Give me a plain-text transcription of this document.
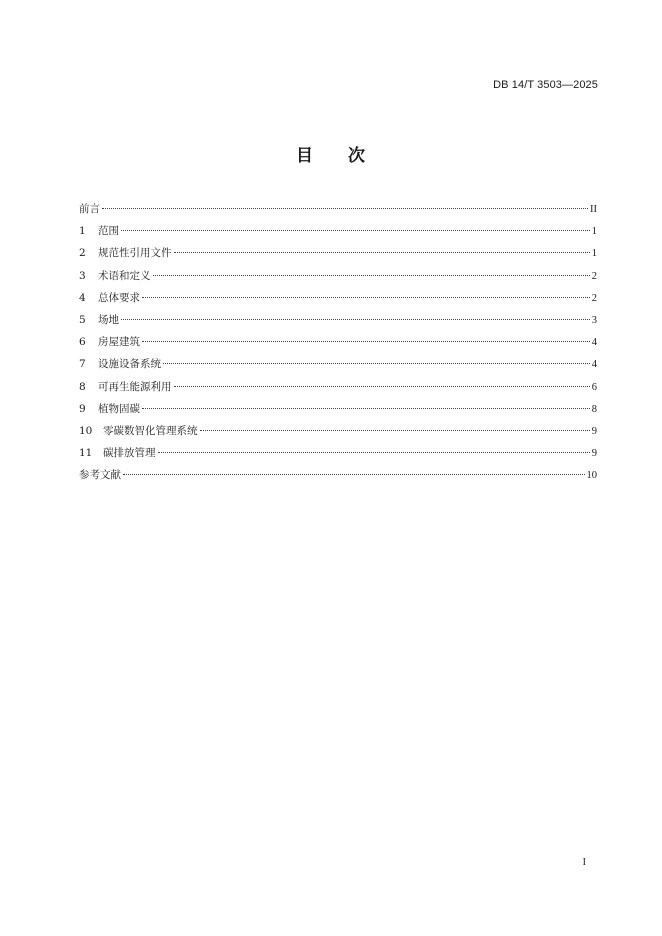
DB 14/T 3503—2025
目 次
前言	II
1	范围	1
2	规范性引用文件	1
3	术语和定义	2
4	总体要求	2
5	场地	3
6	房屋建筑	4
7	设施设备系统	4
8	可再生能源利用	6
9	植物固碳	8
10	零碳数智化管理系统	9
11	碳排放管理	9
参考文献	10
I
